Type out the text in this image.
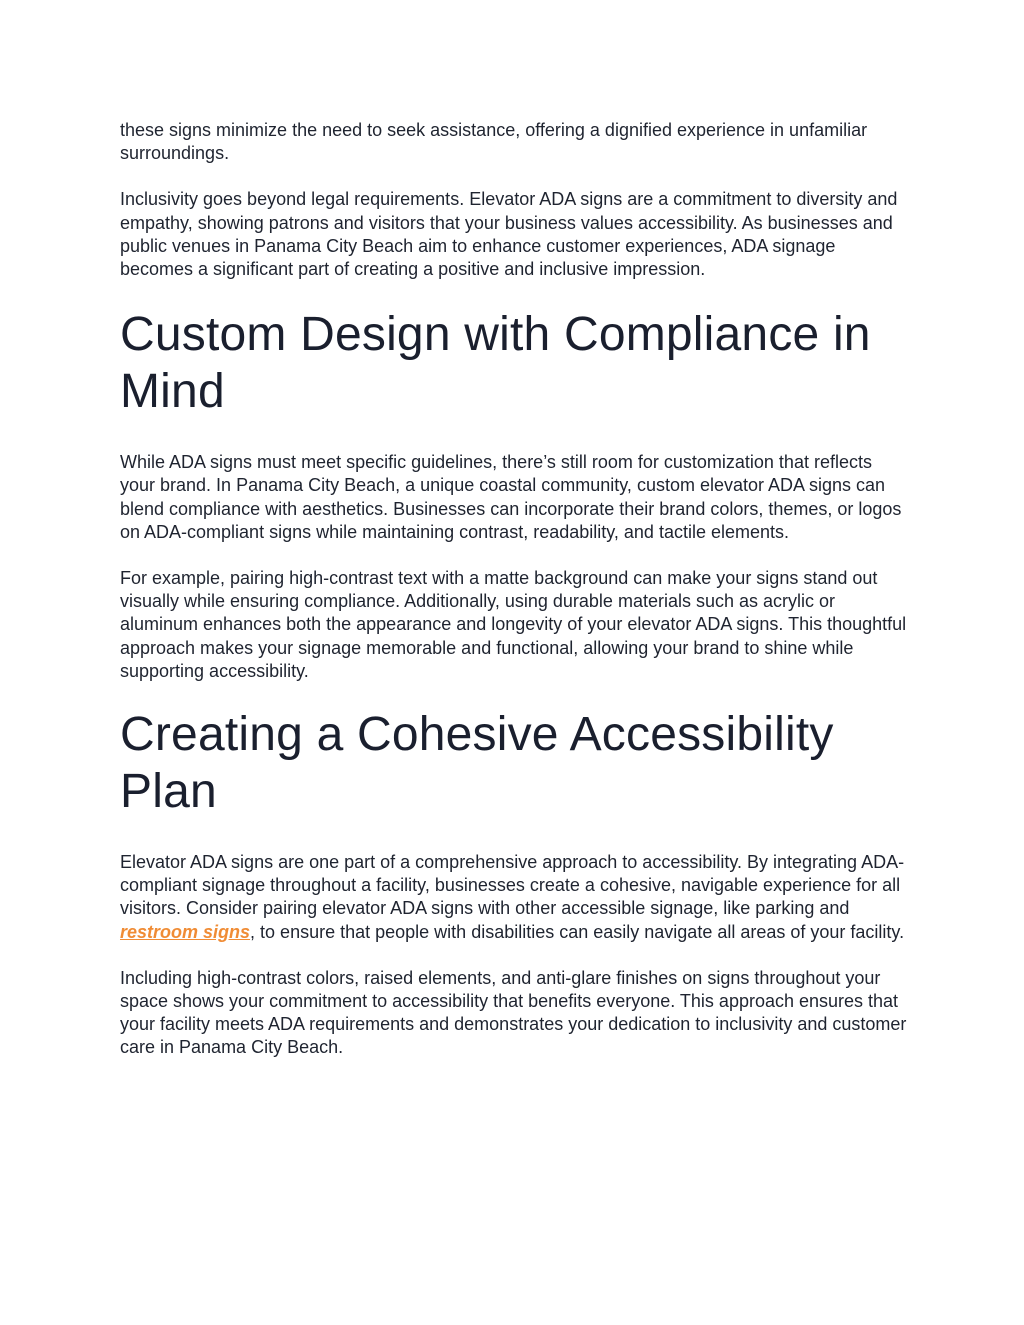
these signs minimize the need to seek assistance, offering a dignified experience in unfamiliar surroundings.

Inclusivity goes beyond legal requirements. Elevator ADA signs are a commitment to diversity and empathy, showing patrons and visitors that your business values accessibility. As businesses and public venues in Panama City Beach aim to enhance customer experiences, ADA signage becomes a significant part of creating a positive and inclusive impression.

Custom Design with Compliance in Mind

While ADA signs must meet specific guidelines, there’s still room for customization that reflects your brand. In Panama City Beach, a unique coastal community, custom elevator ADA signs can blend compliance with aesthetics. Businesses can incorporate their brand colors, themes, or logos on ADA-compliant signs while maintaining contrast, readability, and tactile elements.

For example, pairing high-contrast text with a matte background can make your signs stand out visually while ensuring compliance. Additionally, using durable materials such as acrylic or aluminum enhances both the appearance and longevity of your elevator ADA signs. This thoughtful approach makes your signage memorable and functional, allowing your brand to shine while supporting accessibility.

Creating a Cohesive Accessibility Plan

Elevator ADA signs are one part of a comprehensive approach to accessibility. By integrating ADA-compliant signage throughout a facility, businesses create a cohesive, navigable experience for all visitors. Consider pairing elevator ADA signs with other accessible signage, like parking and restroom signs, to ensure that people with disabilities can easily navigate all areas of your facility.

Including high-contrast colors, raised elements, and anti-glare finishes on signs throughout your space shows your commitment to accessibility that benefits everyone. This approach ensures that your facility meets ADA requirements and demonstrates your dedication to inclusivity and customer care in Panama City Beach.
